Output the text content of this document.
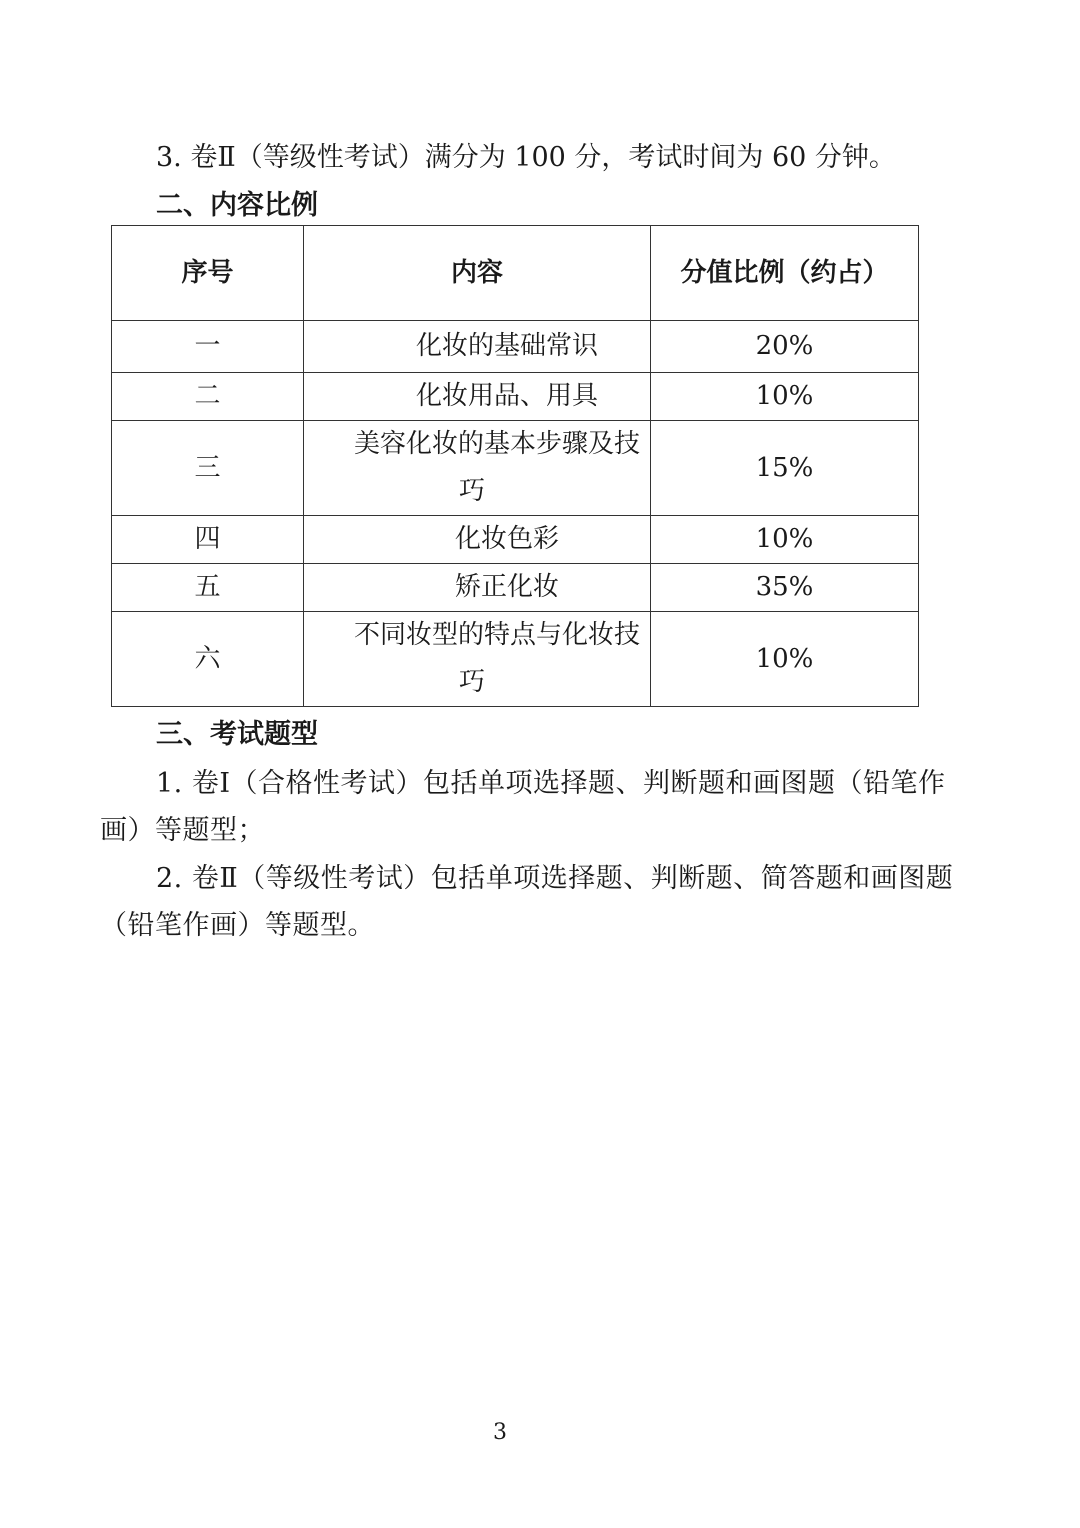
3. 卷Ⅱ（等级性考试）满分为 100 分，考试时间为 60 分钟。
二、内容比例
序号	内容	分值比例（约占）
一	化妆的基础常识	20%
二	化妆用品、用具	10%
三	美容化妆的基本步骤及技巧	15%
四	化妆色彩	10%
五	矫正化妆	35%
六	不同妆型的特点与化妆技巧	10%
三、考试题型
1. 卷Ⅰ（合格性考试）包括单项选择题、判断题和画图题（铅笔作画）等题型；
2. 卷Ⅱ（等级性考试）包括单项选择题、判断题、简答题和画图题（铅笔作画）等题型。
3
